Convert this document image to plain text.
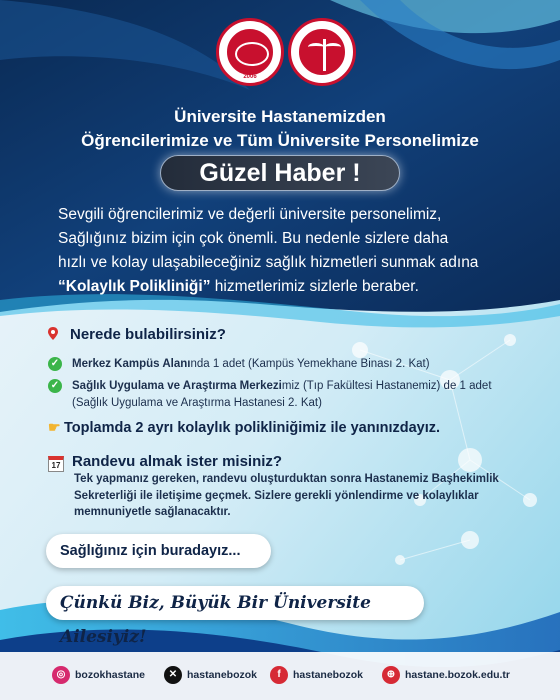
2006
Üniversite Hastanemizden
Öğrencilerimize ve Tüm Üniversite Personelimize
Güzel Haber !
Sevgili öğrencilerimiz ve değerli üniversite personelimiz,
Sağlığınız bizim için çok önemli. Bu nedenle sizlere daha
hızlı ve kolay ulaşabileceğiniz sağlık hizmetleri sunmak adına
“Kolaylık Polikliniği” hizmetlerimiz sizlerle beraber.
Nerede bulabilirsiniz?
✓ Merkez Kampüs Alanında 1 adet (Kampüs Yemekhane Binası 2. Kat)
✓ Sağlık Uygulama ve Araştırma Merkezimiz (Tıp Fakültesi Hastanemiz) de 1 adet
(Sağlık Uygulama ve Araştırma Hastanesi 2. Kat)
☛ Toplamda 2 ayrı kolaylık polikliniğimiz ile yanınızdayız.
17 Randevu almak ister misiniz?
Tek yapmanız gereken, randevu oluşturduktan sonra Hastanemiz Başhekimlik
Sekreterliği ile iletişime geçmek. Sizlere gerekli yönlendirme ve kolaylıklar
memnuniyetle sağlanacaktır.
Sağlığınız için buradayız...
Çünkü Biz, Büyük Bir Üniversite Ailesiyiz!
◎ bozokhastane	✕ hastanebozok	f hastanebozok	⊕ hastane.bozok.edu.tr
